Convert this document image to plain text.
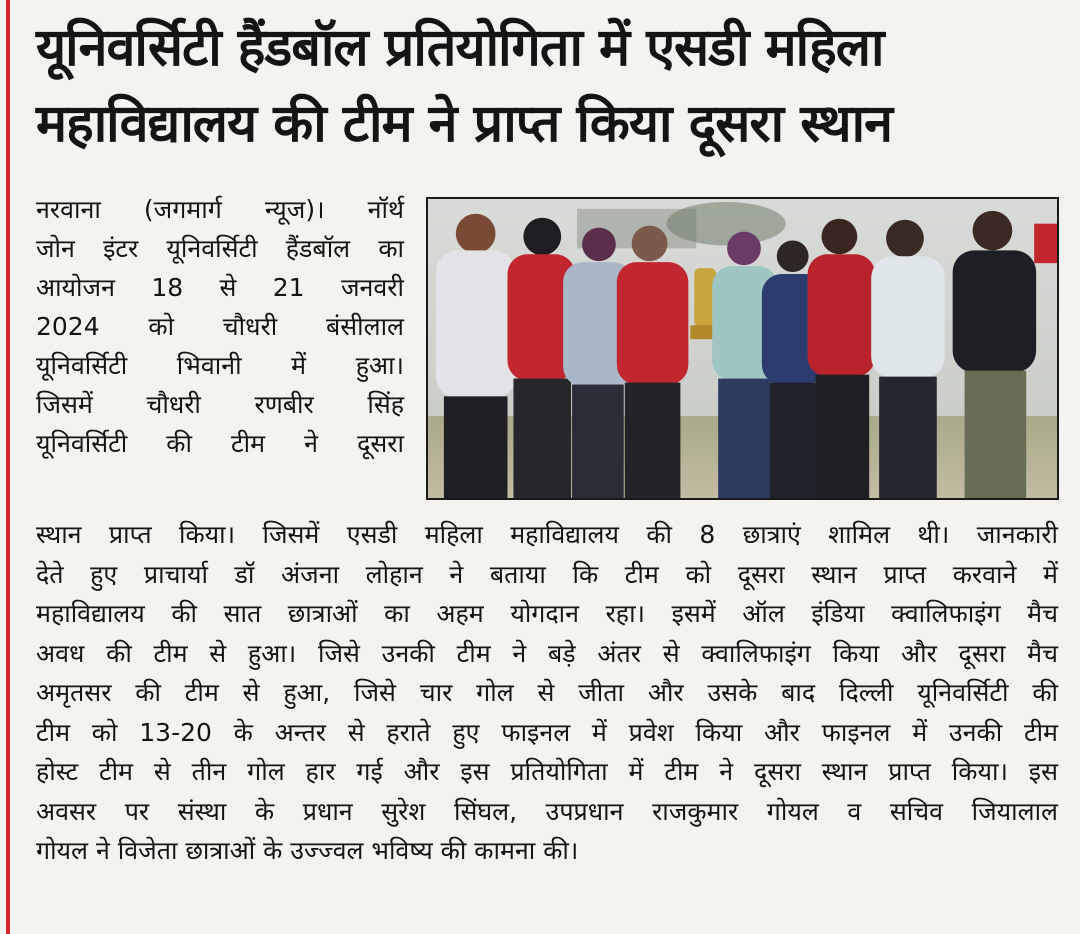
यूनिवर्सिटी हैंडबॉल प्रतियोगिता में एसडी महिला
महाविद्यालय की टीम ने प्राप्त किया दूसरा स्थान
नरवाना (जगमार्ग न्यूज)। नॉर्थ
जोन इंटर यूनिवर्सिटी हैंडबॉल का
आयोजन 18 से 21 जनवरी
2024 को चौधरी बंसीलाल
यूनिवर्सिटी भिवानी में हुआ।
जिसमें चौधरी रणबीर सिंह
यूनिवर्सिटी की टीम ने दूसरा
स्थान प्राप्त किया। जिसमें एसडी महिला महाविद्यालय की 8 छात्राएं शामिल थी। जानकारी
देते हुए प्राचार्या डॉ अंजना लोहान ने बताया कि टीम को दूसरा स्थान प्राप्त करवाने में
महाविद्यालय की सात छात्राओं का अहम योगदान रहा। इसमें ऑल इंडिया क्वालिफाइंग मैच
अवध की टीम से हुआ। जिसे उनकी टीम ने बड़े अंतर से क्वालिफाइंग किया और दूसरा मैच
अमृतसर की टीम से हुआ, जिसे चार गोल से जीता और उसके बाद दिल्ली यूनिवर्सिटी की
टीम को 13-20 के अन्तर से हराते हुए फाइनल में प्रवेश किया और फाइनल में उनकी टीम
होस्ट टीम से तीन गोल हार गई और इस प्रतियोगिता में टीम ने दूसरा स्थान प्राप्त किया। इस
अवसर पर संस्था के प्रधान सुरेश सिंघल, उपप्रधान राजकुमार गोयल व सचिव जियालाल
गोयल ने विजेता छात्राओं के उज्ज्वल भविष्य की कामना की।
